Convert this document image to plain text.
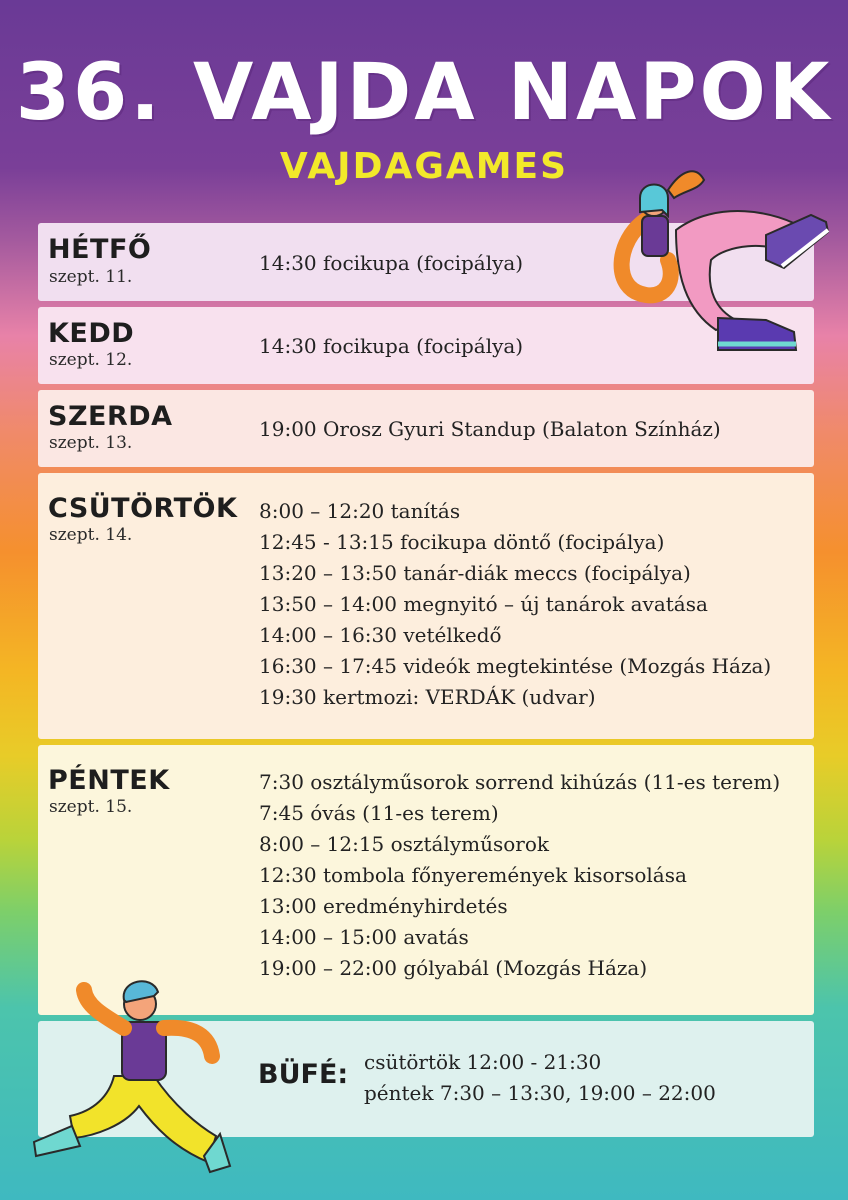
36. VAJDA NAPOK
VAJDAGAMES
HÉTFŐ
szept. 11.
14:30 focikupa (focipálya)
KEDD
szept. 12.
14:30 focikupa (focipálya)
SZERDA
szept. 13.
19:00 Orosz Gyuri Standup (Balaton Színház)
CSÜTÖRTÖK
szept. 14.
8:00 – 12:20 tanítás
12:45 - 13:15 focikupa döntő (focipálya)
13:20 – 13:50 tanár-diák meccs (focipálya)
13:50 – 14:00 megnyitó – új tanárok avatása
14:00 – 16:30 vetélkedő
16:30 – 17:45 videók megtekintése (Mozgás Háza)
19:30 kertmozi: VERDÁK (udvar)
PÉNTEK
szept. 15.
7:30 osztályműsorok sorrend kihúzás (11-es terem)
7:45 óvás (11-es terem)
8:00 – 12:15 osztályműsorok
12:30 tombola főnyeremények kisorsolása
13:00 eredményhirdetés
14:00 – 15:00 avatás
19:00 – 22:00 gólyabál (Mozgás Háza)
BÜFÉ: csütörtök 12:00 - 21:30
péntek 7:30 – 13:30, 19:00 – 22:00
